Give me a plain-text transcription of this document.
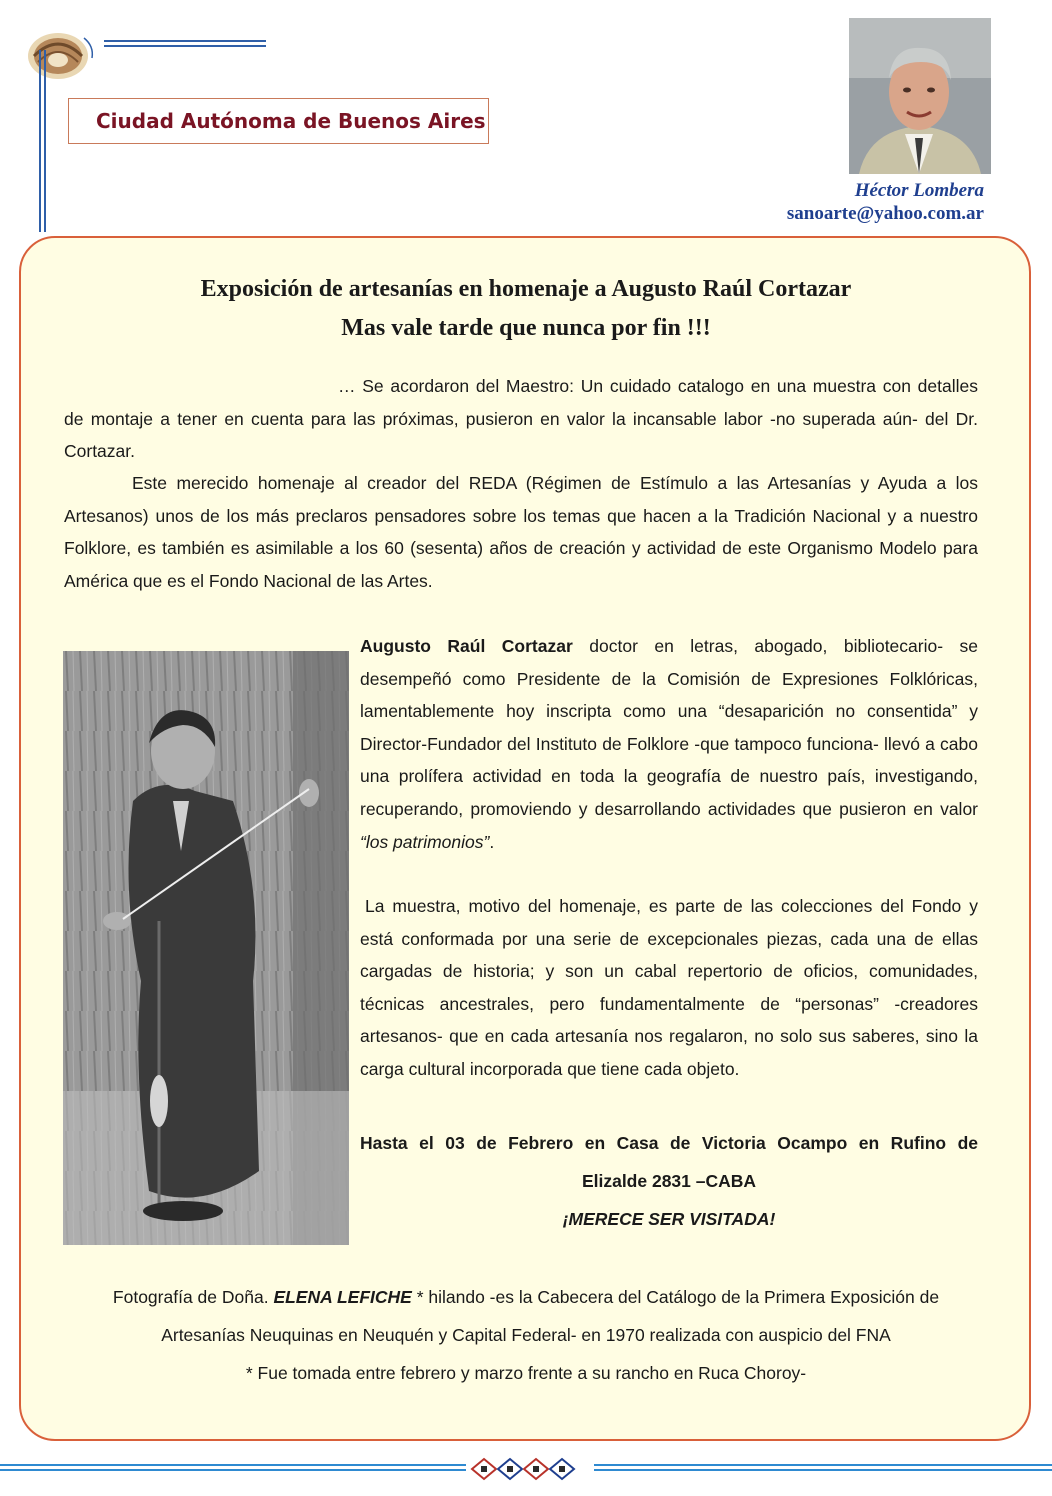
Ciudad Autónoma de Buenos Aires
Héctor Lombera
sanoarte@yahoo.com.ar
Exposición de artesanías en homenaje a Augusto Raúl Cortazar
Mas vale tarde que nunca por fin !!!

… Se acordaron del Maestro: Un cuidado catalogo en una muestra con detalles de montaje a tener en cuenta para las próximas, pusieron en valor la incansable labor -no superada aún- del Dr. Cortazar.

Este merecido homenaje al creador del REDA (Régimen de Estímulo a las Artesanías y Ayuda a los Artesanos) unos de los más preclaros pensadores sobre los temas que hacen a la Tradición Nacional y a nuestro Folklore, es también es asimilable a los 60 (sesenta) años de creación y actividad de este Organismo Modelo para América que es el Fondo Nacional de las Artes.

Augusto Raúl Cortazar doctor en letras, abogado, bibliotecario- se desempeñó como Presidente de la Comisión de Expresiones Folklóricas, lamentablemente hoy inscripta como una “desaparición no consentida” y Director-Fundador del Instituto de Folklore -que tampoco funciona- llevó a cabo una prolífera actividad en toda la geografía de nuestro país, investigando, recuperando, promoviendo y desarrollando actividades que pusieron en valor “los patrimonios”.

La muestra, motivo del homenaje, es parte de las colecciones del Fondo y está conformada por una serie de excepcionales piezas, cada una de ellas cargadas de historia; y son un cabal repertorio de oficios, comunidades, técnicas ancestrales, pero fundamentalmente de “personas” -creadores artesanos- que en cada artesanía nos regalaron, no solo sus saberes, sino la carga cultural incorporada que tiene cada objeto.

Hasta el 03 de Febrero en Casa de Victoria Ocampo en Rufino de
Elizalde 2831 –CABA
¡MERECE SER VISITADA!

Fotografía de Doña. ELENA LEFICHE * hilando -es la Cabecera del Catálogo de la Primera Exposición de

Artesanías Neuquinas en Neuquén y Capital Federal- en 1970 realizada con auspicio del FNA

* Fue tomada entre febrero y marzo frente a su rancho en Ruca Choroy-
